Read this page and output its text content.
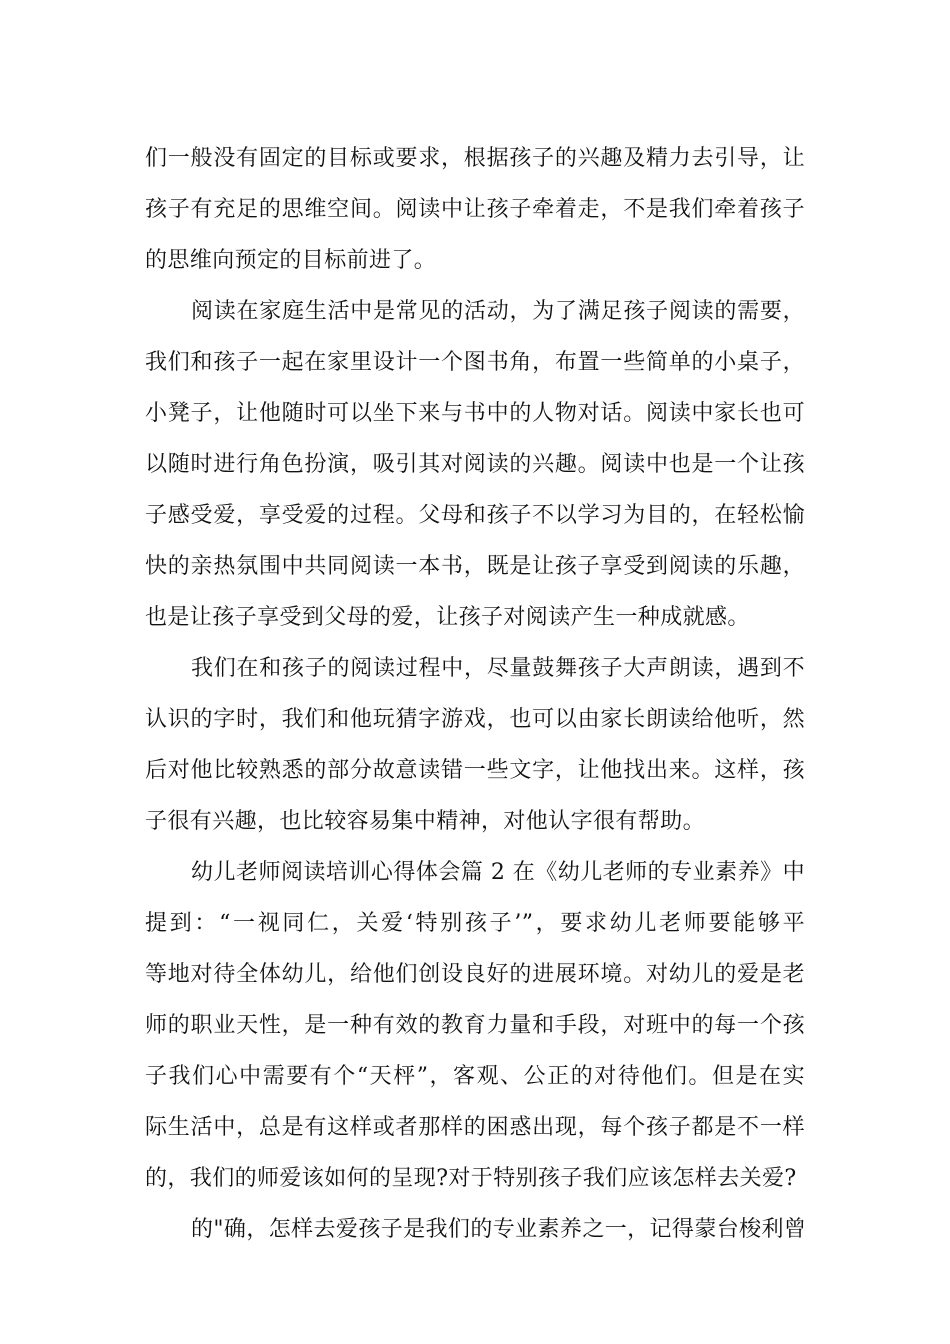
们一般没有固定的目标或要求，根据孩子的兴趣及精力去引导，让
孩子有充足的思维空间。阅读中让孩子牵着走，不是我们牵着孩子
的思维向预定的目标前进了。
阅读在家庭生活中是常见的活动，为了满足孩子阅读的需要，
我们和孩子一起在家里设计一个图书角，布置一些简单的小桌子，
小凳子，让他随时可以坐下来与书中的人物对话。阅读中家长也可
以随时进行角色扮演，吸引其对阅读的兴趣。阅读中也是一个让孩
子感受爱，享受爱的过程。父母和孩子不以学习为目的，在轻松愉
快的亲热氛围中共同阅读一本书，既是让孩子享受到阅读的乐趣，
也是让孩子享受到父母的爱，让孩子对阅读产生一种成就感。
我们在和孩子的阅读过程中，尽量鼓舞孩子大声朗读，遇到不
认识的字时，我们和他玩猜字游戏，也可以由家长朗读给他听，然
后对他比较熟悉的部分故意读错一些文字，让他找出来。这样，孩
子很有兴趣，也比较容易集中精神，对他认字很有帮助。
幼儿老师阅读培训心得体会篇 2 在《幼儿老师的专业素养》中
提到：“一视同仁，关爱‘特别孩子’”，要求幼儿老师要能够平
等地对待全体幼儿，给他们创设良好的进展环境。对幼儿的爱是老
师的职业天性，是一种有效的教育力量和手段，对班中的每一个孩
子我们心中需要有个“天枰”，客观、公正的对待他们。但是在实
际生活中，总是有这样或者那样的困惑出现，每个孩子都是不一样
的，我们的师爱该如何的呈现?对于特别孩子我们应该怎样去关爱?
的"确，怎样去爱孩子是我们的专业素养之一，记得蒙台梭利曾
